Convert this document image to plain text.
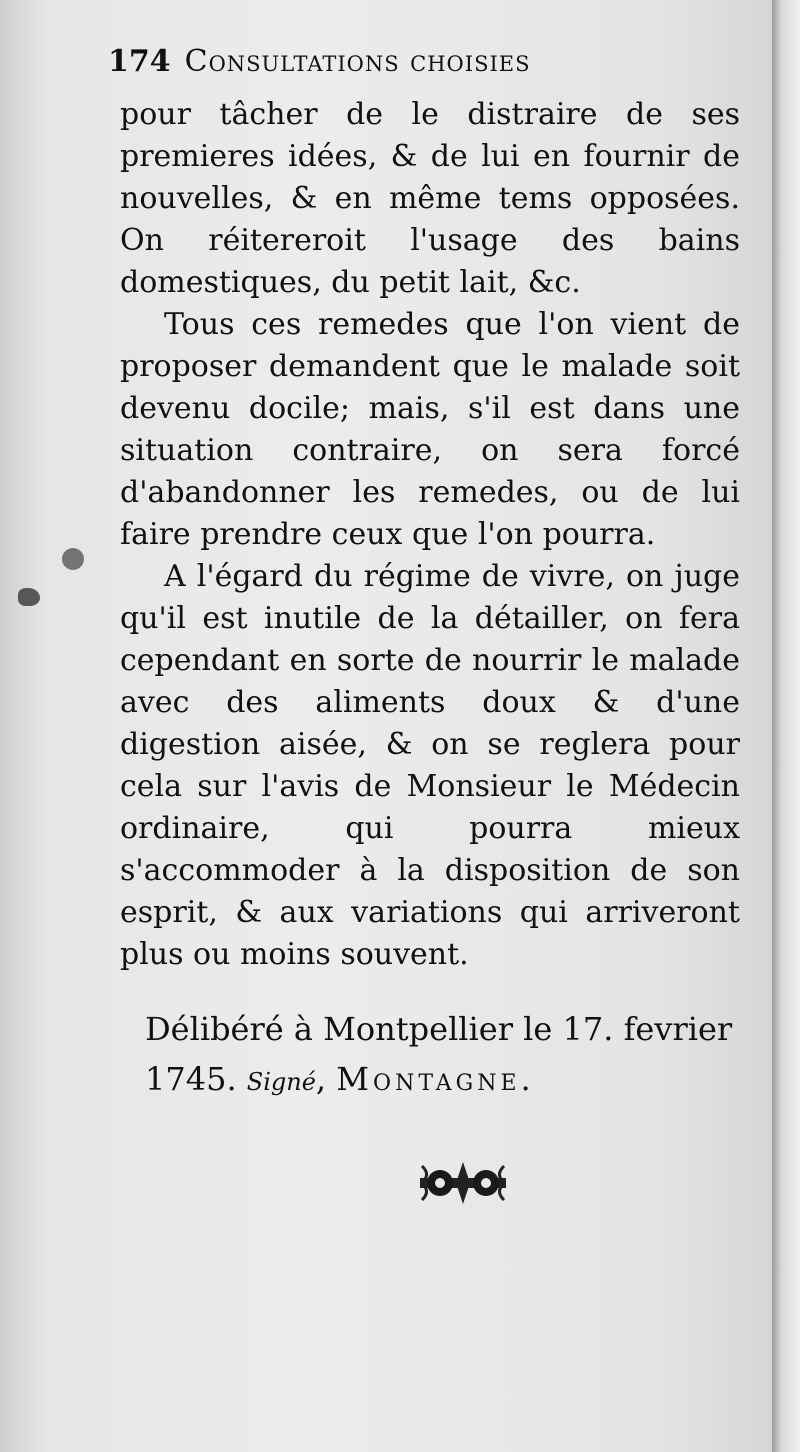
174 Consultations choisies

pour tâcher de le distraire de ses premieres idées, & de lui en fournir de nouvelles, & en même tems opposées. On réitereroit l'usage des bains domestiques, du petit lait, &c.

Tous ces remedes que l'on vient de proposer demandent que le malade soit devenu docile; mais, s'il est dans une situation contraire, on sera forcé d'abandonner les remedes, ou de lui faire prendre ceux que l'on pourra.

A l'égard du régime de vivre, on juge qu'il est inutile de la détailler, on fera cependant en sorte de nourrir le malade avec des aliments doux & d'une digestion aisée, & on se reglera pour cela sur l'avis de Monsieur le Médecin ordinaire, qui pourra mieux s'accommoder à la disposition de son esprit, & aux variations qui arriveront plus ou moins souvent.

Délibéré à Montpellier le 17. fevrier

1745. Signé, Montagne.
